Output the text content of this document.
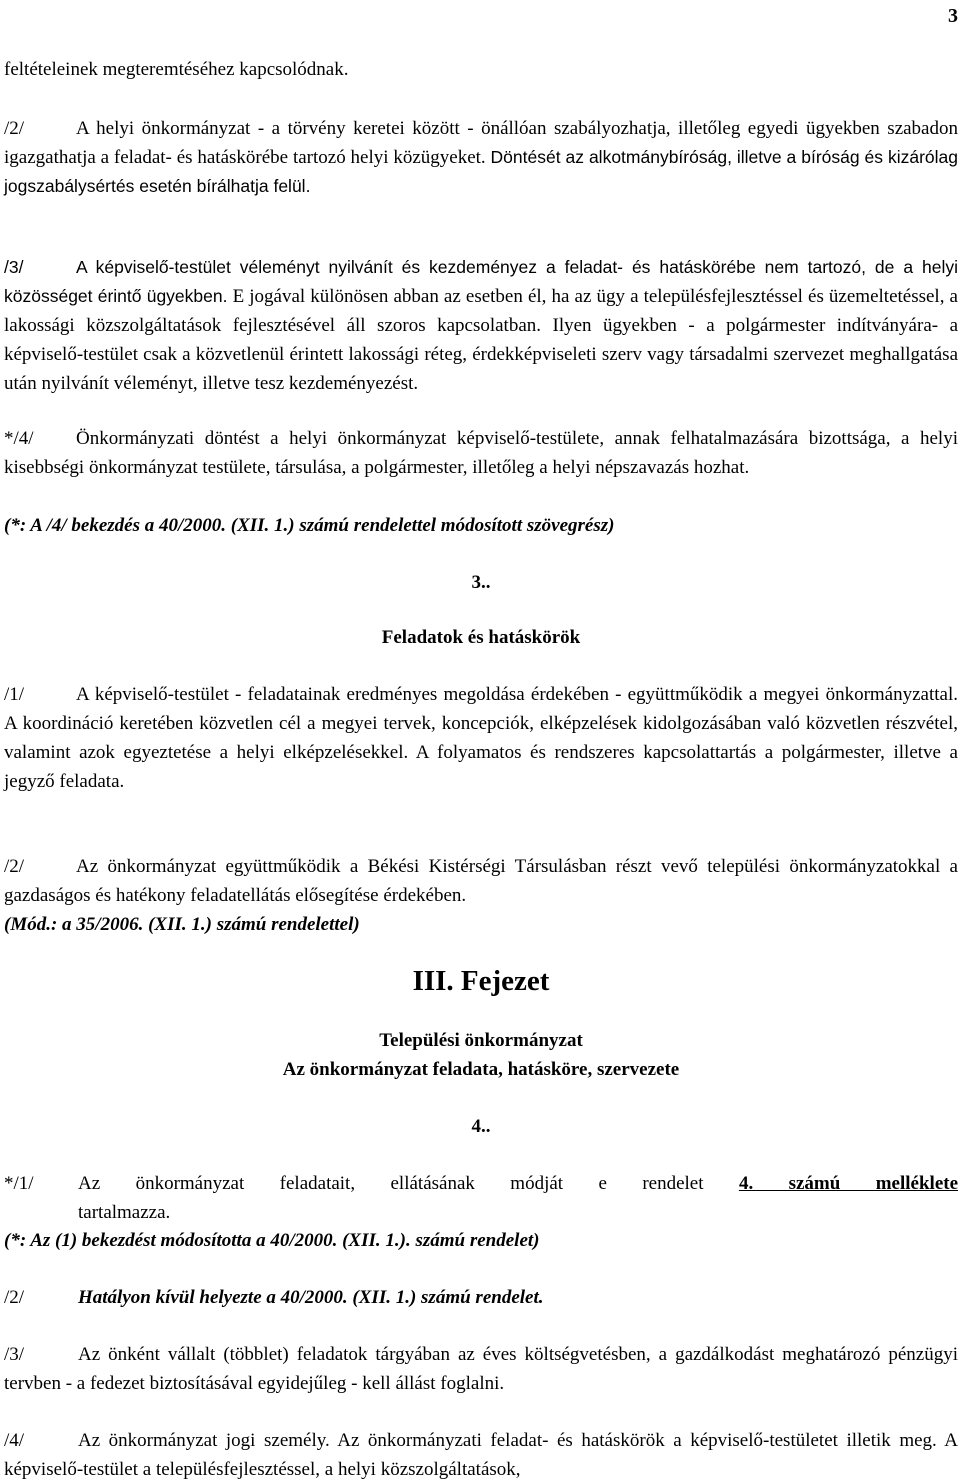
3

feltételeinek megteremtéséhez kapcsolódnak.

/2/	A helyi önkormányzat - a törvény keretei között - önállóan szabályozhatja, illetőleg egyedi ügyekben szabadon igazgathatja a feladat- és hatáskörébe tartozó helyi közügyeket. Döntését az alkotmánybíróság, illetve a bíróság és kizárólag jogszabálysértés esetén bírálhatja felül.

/3/	A képviselő-testület véleményt nyilvánít és kezdeményez a feladat- és hatáskörébe nem tartozó, de a helyi közösséget érintő ügyekben. E jogával különösen abban az esetben él, ha az ügy a településfejlesztéssel és üzemeltetéssel, a lakossági közszolgáltatások fejlesztésével áll szoros kapcsolatban. Ilyen ügyekben - a polgármester indítványára- a képviselő-testület csak a közvetlenül érintett lakossági réteg, érdekképviseleti szerv vagy társadalmi szervezet meghallgatása után nyilvánít véleményt, illetve tesz kezdeményezést.

*/4/ Önkormányzati döntést a helyi önkormányzat képviselő-testülete, annak felhatalmazására bizottsága, a helyi kisebbségi önkormányzat testülete, társulása, a polgármester, illetőleg a helyi népszavazás hozhat.

(*: A /4/ bekezdés a 40/2000. (XII. 1.) számú rendelettel módosított szövegrész)

3..

Feladatok és hatáskörök

/1/	A képviselő-testület - feladatainak eredményes megoldása érdekében - együttműködik a megyei önkormányzattal. A koordináció keretében közvetlen cél a megyei tervek, koncepciók, elképzelések kidolgozásában való közvetlen részvétel, valamint azok egyeztetése a helyi elképzelésekkel. A folyamatos és rendszeres kapcsolattartás a polgármester, illetve a jegyző feladata.

/2/	Az önkormányzat együttműködik a Békési Kistérségi Társulásban részt vevő települési önkormányzatokkal a gazdaságos és hatékony feladatellátás elősegítése érdekében.

(Mód.: a 35/2006. (XII. 1.) számú rendelettel)

III. Fejezet

Települési önkormányzat

Az önkormányzat feladata, hatásköre, szervezete

4..

*/1/ Az önkormányzat feladatait, ellátásának módját e rendelet 4. számú melléklete

tartalmazza.

(*: Az (1) bekezdést módosította a 40/2000. (XII. 1.). számú rendelet)

/2/	Hatályon kívül helyezte a 40/2000. (XII. 1.) számú rendelet.

/3/	Az önként vállalt (többlet) feladatok tárgyában az éves költségvetésben, a gazdálkodást meghatározó pénzügyi tervben - a fedezet biztosításával egyidejűleg - kell állást foglalni.

/4/	Az önkormányzat jogi személy. Az önkormányzati feladat- és hatáskörök a képviselő-testületet illetik meg. A képviselő-testület a településfejlesztéssel, a helyi közszolgáltatások,
